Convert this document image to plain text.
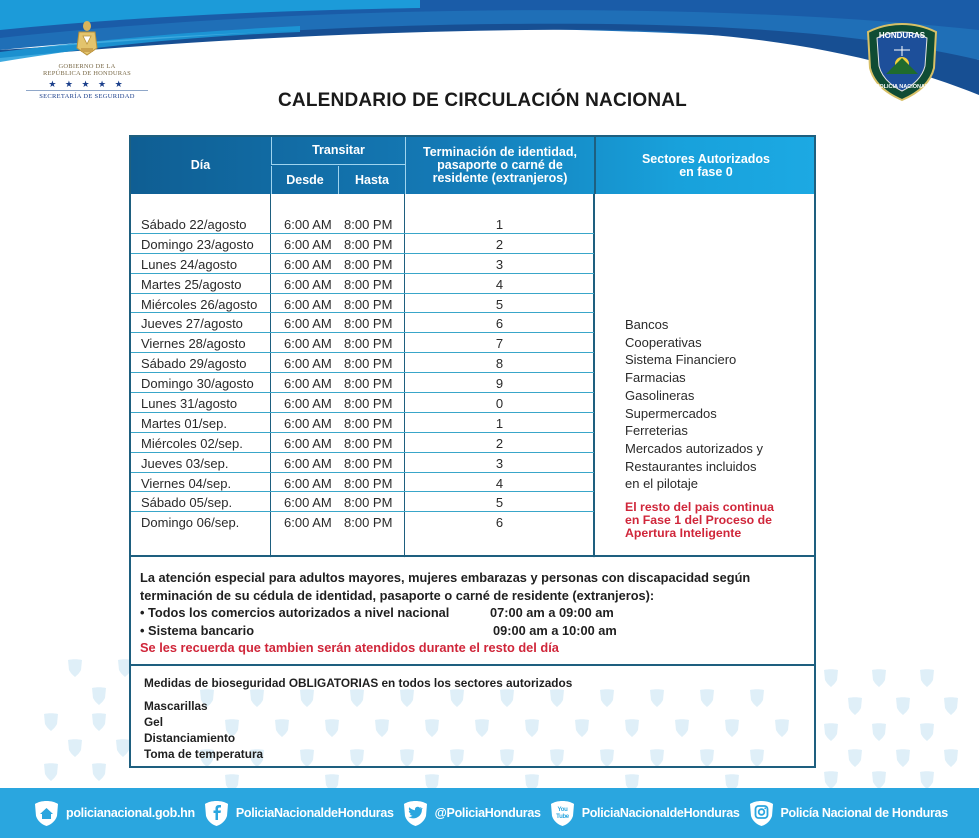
GOBIERNO DE LA
REPÚBLICA DE HONDURAS
★ ★ ★ ★ ★
SECRETARÍA DE SEGURIDAD
HONDURAS
POLICIA NACIONAL
CALENDARIO DE CIRCULACIÓN NACIONAL
Día
Transitar
Desde	Hasta
Terminación de identidad, pasaporte o carné de residente (extranjeros)
Sectores Autorizados en fase 0
Sábado 22/agosto	6:00 AM 8:00 PM	1
Domingo 23/agosto 6:00 AM 8:00 PM	2
Lunes 24/agosto	6:00 AM 8:00 PM	3
Martes 25/agosto	6:00 AM 8:00 PM	4
Miércoles 26/agosto 6:00 AM 8:00 PM	5
Jueves 27/agosto	6:00 AM 8:00 PM	6
Viernes 28/agosto	6:00 AM 8:00 PM	7
Sábado 29/agosto	6:00 AM 8:00 PM	8
Domingo 30/agosto 6:00 AM 8:00 PM	9
Lunes 31/agosto	6:00 AM 8:00 PM	0
Martes 01/sep.	6:00 AM 8:00 PM	1
Miércoles 02/sep.	6:00 AM 8:00 PM	2
Jueves 03/sep.	6:00 AM 8:00 PM	3
Viernes 04/sep.	6:00 AM 8:00 PM	4
Sábado 05/sep.	6:00 AM 8:00 PM	5
Domingo 06/sep.	6:00 AM 8:00 PM	6
Bancos
Cooperativas
Sistema Financiero
Farmacias
Gasolineras
Supermercados
Ferreterias
Mercados autorizados y
Restaurantes incluidos
en el pilotaje
El resto del pais continua
en Fase 1 del Proceso de
Apertura Inteligente
La atención especial para adultos mayores, mujeres embarazas y personas con discapacidad según
terminación de su cédula de identidad, pasaporte o carné de residente (extranjeros):
• Todos los comercios autorizados a nivel nacional	07:00 am a 09:00 am
• Sistema bancario	09:00 am a 10:00 am
Se les recuerda que tambien serán atendidos durante el resto del día
Medidas de bioseguridad OBLIGATORIAS en todos los sectores autorizados
Mascarillas
Gel
Distanciamiento
Toma de temperatura
policianacional.gob.hn	PoliciaNacionaldeHonduras	@PoliciaHonduras	You
Tube PoliciaNacionaldeHonduras	Policía Nacional de Honduras
